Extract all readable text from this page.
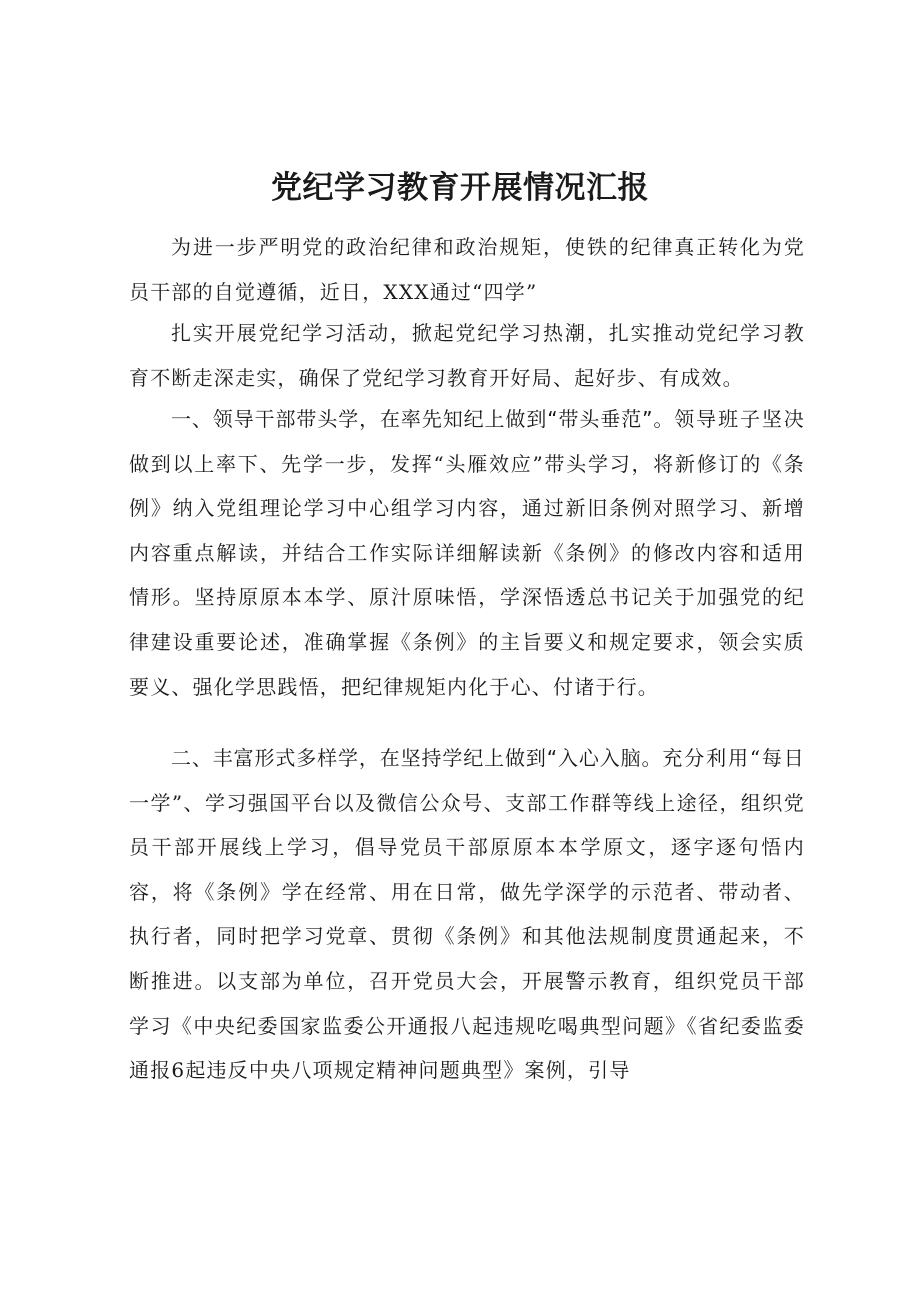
党纪学习教育开展情况汇报

为进一步严明党的政治纪律和政治规矩，使铁的纪律真正转化为党员干部的自觉遵循，近日，XXX通过“四学”

扎实开展党纪学习活动，掀起党纪学习热潮，扎实推动党纪学习教育不断走深走实，确保了党纪学习教育开好局、起好步、有成效。

一、领导干部带头学，在率先知纪上做到“带头垂范”。领导班子坚决做到以上率下、先学一步，发挥“头雁效应”带头学习，将新修订的《条例》纳入党组理论学习中心组学习内容，通过新旧条例对照学习、新增内容重点解读，并结合工作实际详细解读新《条例》的修改内容和适用情形。坚持原原本本学、原汁原味悟，学深悟透总书记关于加强党的纪律建设重要论述，准确掌握《条例》的主旨要义和规定要求，领会实质要义、强化学思践悟，把纪律规矩内化于心、付诸于行。

二、丰富形式多样学，在坚持学纪上做到“入心入脑。充分利用“每日一学”、学习强国平台以及微信公众号、支部工作群等线上途径，组织党员干部开展线上学习，倡导党员干部原原本本学原文，逐字逐句悟内容，将《条例》学在经常、用在日常，做先学深学的示范者、带动者、执行者，同时把学习党章、贯彻《条例》和其他法规制度贯通起来，不断推进。以支部为单位，召开党员大会，开展警示教育，组织党员干部学习《中央纪委国家监委公开通报八起违规吃喝典型问题》《省纪委监委通报6起违反中央八项规定精神问题典型》案例，引导
